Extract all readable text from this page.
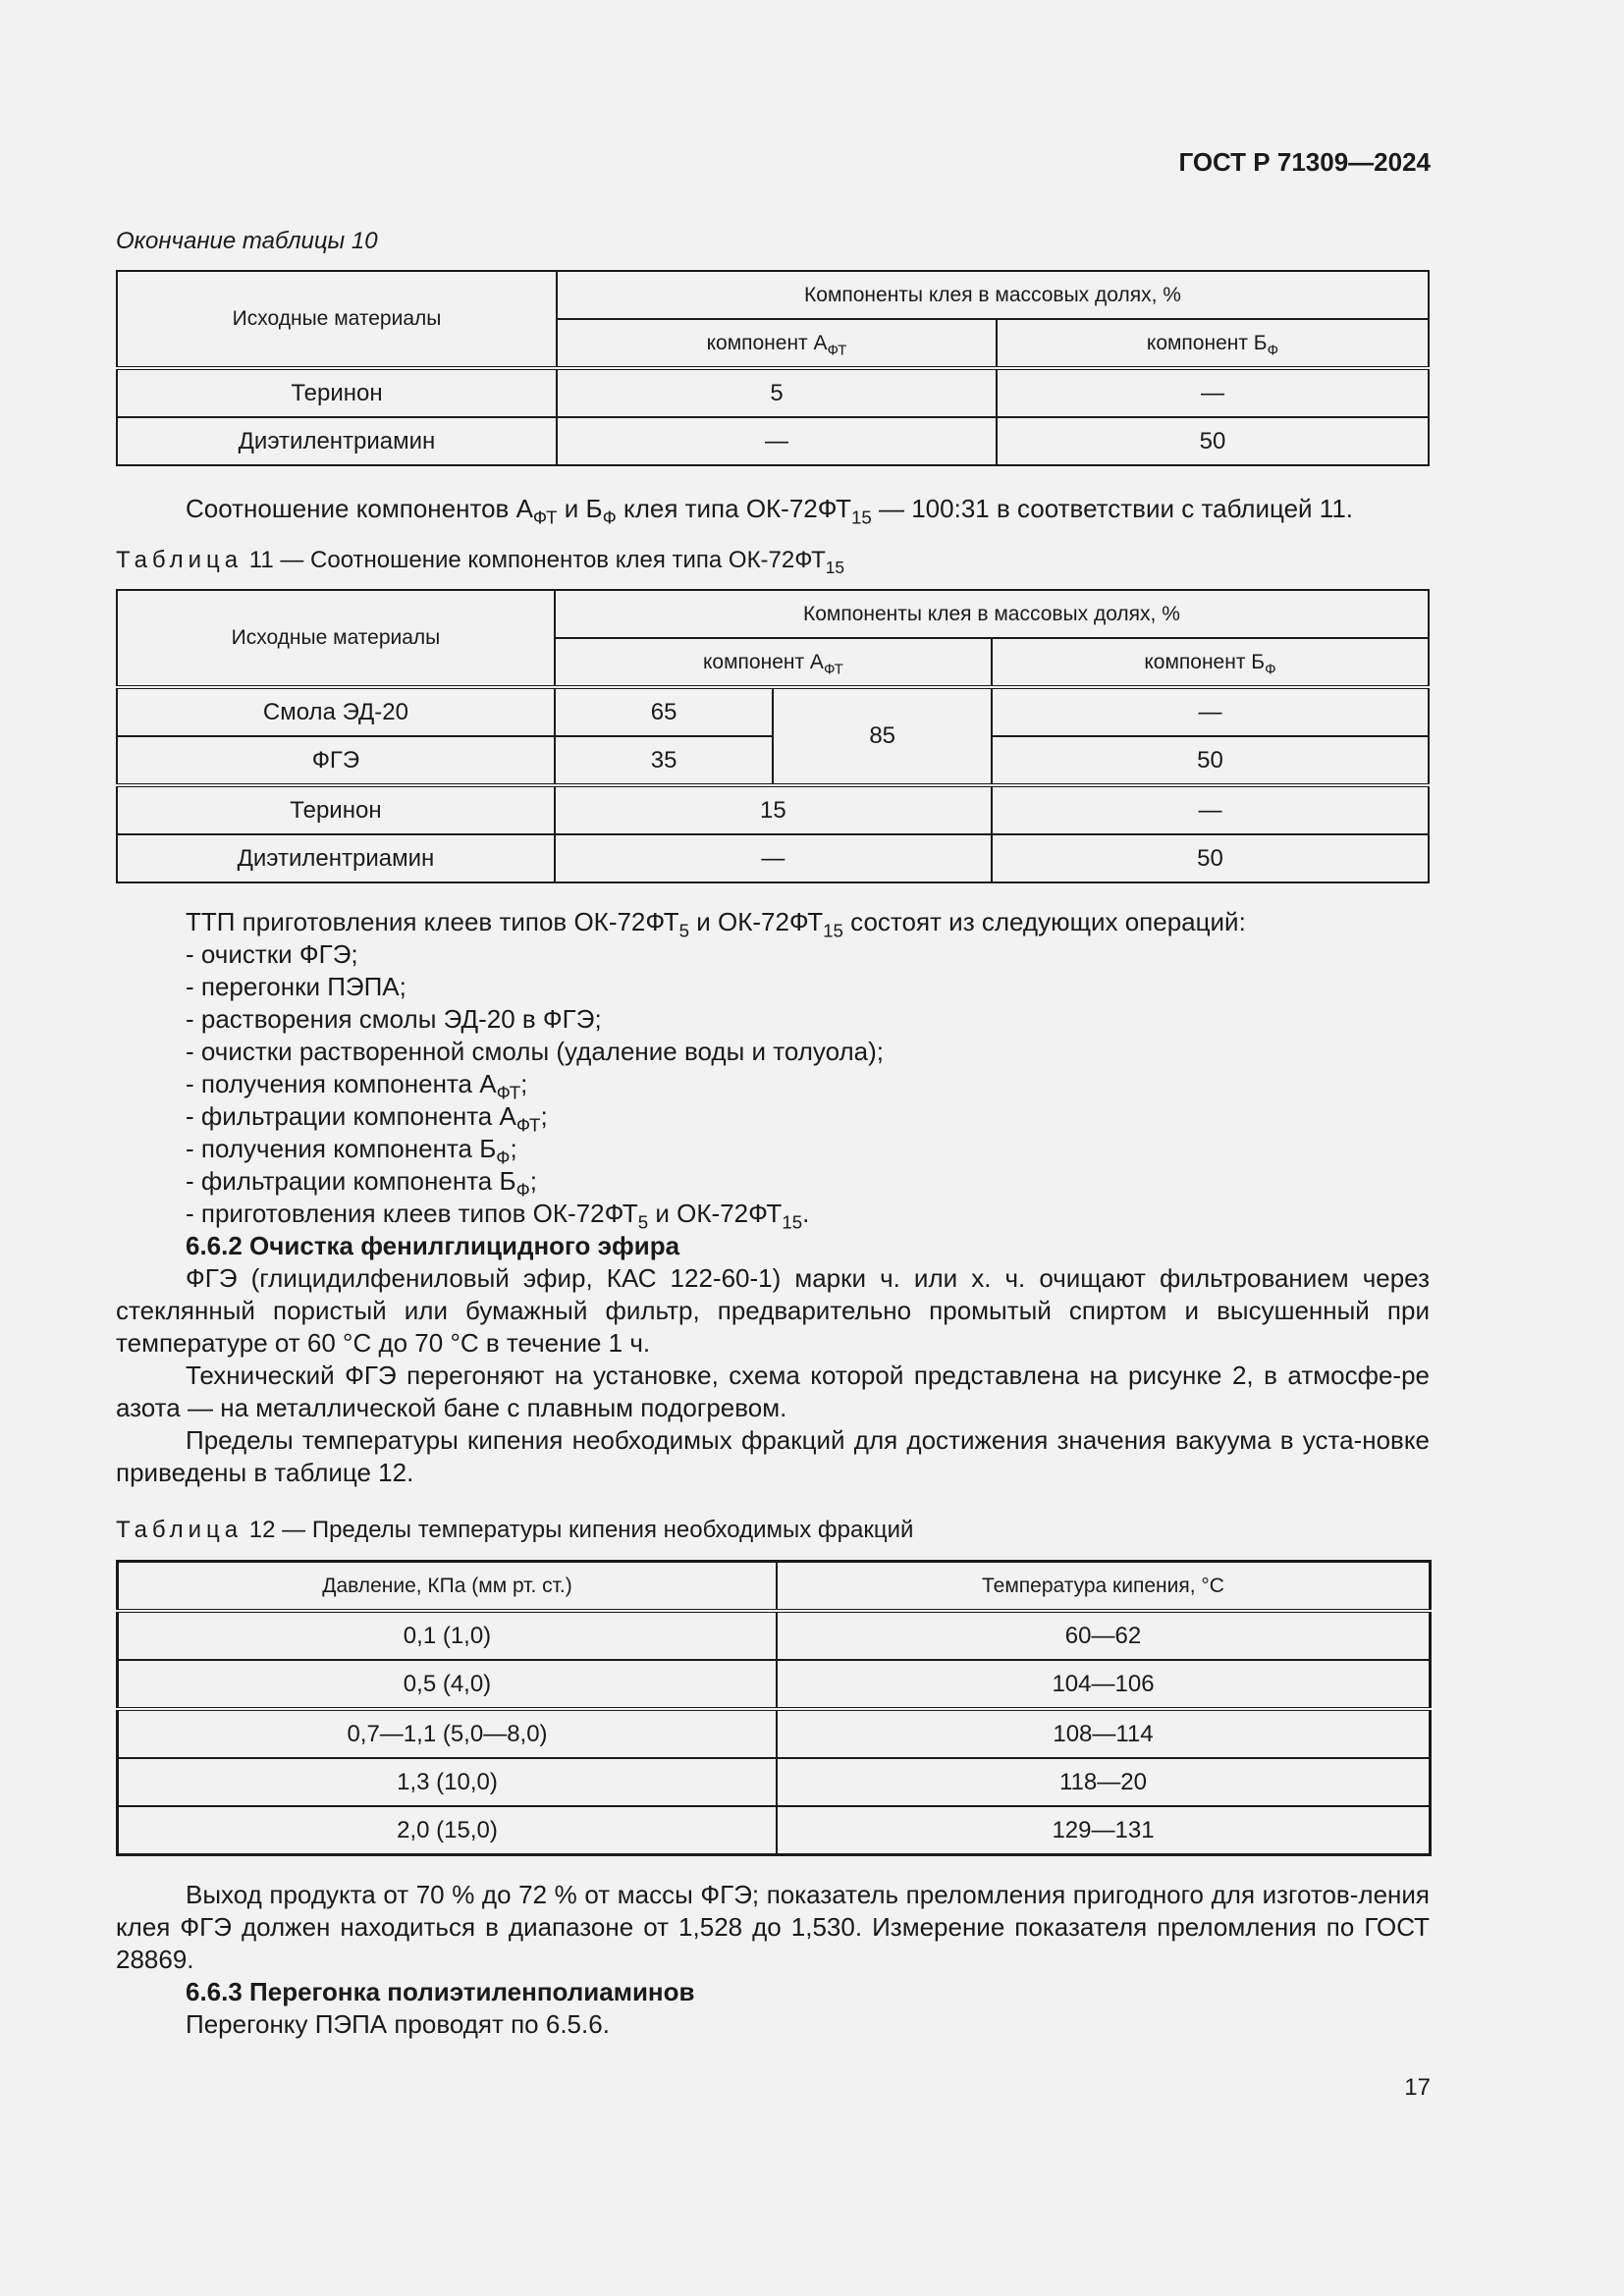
ГОСТ Р 71309—2024
Окончание таблицы 10
Исходные материалы	Компоненты клея в массовых долях, %	
	компонент $А_{ФТ}$	компонент $Б_Ф$
Теринон	5	—
Диэтилентриамин	—	50
Соотношение компонентов $А_{ФТ}$ и $Б_Ф$ клея типа $ОК-72ФТ_{15}$ — 100:31 в соответствии с таблицей 11.
Таблица 11 — Соотношение компонентов клея типа $ОК-72ФТ_{15}$
Исходные материалы	Компоненты клея в массовых долях, %		
	компонент $А_{ФТ}$		компонент $Б_Ф$
Смола ЭД-20	65	85	—
ФГЭ	35		50
Теринон	15		—
Диэтилентриамин	—		50
ТТП приготовления клеев типов $ОК-72ФТ_5$ и $ОК-72ФТ_{15}$ состоят из следующих операций:
- очистки ФГЭ;
- перегонки ПЭПА;
- растворения смолы ЭД-20 в ФГЭ;
- очистки растворенной смолы (удаление воды и толуола);
- получения компонента $А_{ФТ}$;
- фильтрации компонента $А_{ФТ}$;
- получения компонента $Б_Ф$;
- фильтрации компонента $Б_Ф$;
- приготовления клеев типов $ОК-72ФТ_5$ и $ОК-72ФТ_{15}$.
6.6.2 Очистка фенилглицидного эфира
ФГЭ (глицидилфениловый эфир, КАС 122-60-1) марки ч. или х. ч. очищают фильтрованием через стеклянный пористый или бумажный фильтр, предварительно промытый спиртом и высушенный при температуре от 60 °С до 70 °С в течение 1 ч.
Технический ФГЭ перегоняют на установке, схема которой представлена на рисунке 2, в атмосфе-ре азота — на металлической бане с плавным подогревом.
Пределы температуры кипения необходимых фракций для достижения значения вакуума в уста-новке приведены в таблице 12.
Таблица 12 — Пределы температуры кипения необходимых фракций
Давление, КПа (мм рт. ст.)	Температура кипения, °С
0,1 (1,0)	60—62
0,5 (4,0)	104—106
0,7—1,1 (5,0—8,0)	108—114
1,3 (10,0)	118—20
2,0 (15,0)	129—131
Выход продукта от 70 % до 72 % от массы ФГЭ; показатель преломления пригодного для изготов-ления клея ФГЭ должен находиться в диапазоне от 1,528 до 1,530. Измерение показателя преломления по ГОСТ 28869.
6.6.3 Перегонка полиэтиленполиаминов
Перегонку ПЭПА проводят по 6.5.6.
17
